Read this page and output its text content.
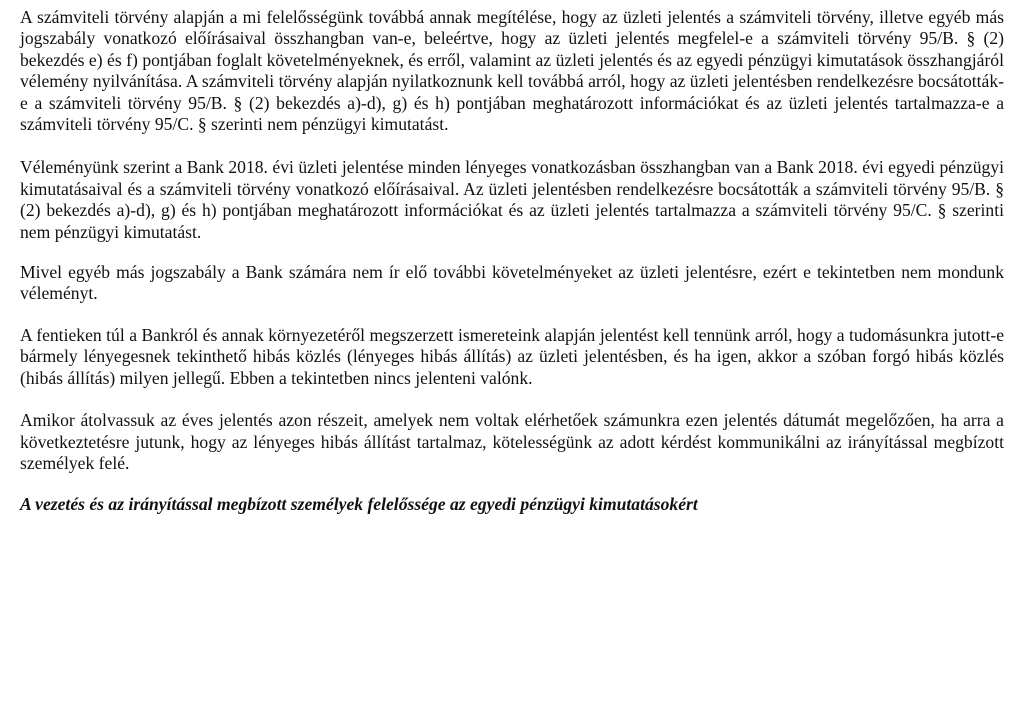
A számviteli törvény alapján a mi felelősségünk továbbá annak megítélése, hogy az üzleti jelentés a számviteli törvény, illetve egyéb más jogszabály vonatkozó előírásaival összhangban van-e, beleértve, hogy az üzleti jelentés megfelel-e a számviteli törvény 95/B. § (2) bekezdés e) és f) pontjában foglalt követelményeknek, és erről, valamint az üzleti jelentés és az egyedi pénzügyi kimutatások összhangjáról vélemény nyilvánítása. A számviteli törvény alapján nyilatkoznunk kell továbbá arról, hogy az üzleti jelentésben rendelkezésre bocsátották-e a számviteli törvény 95/B. § (2) bekezdés a)-d), g) és h) pontjában meghatározott információkat és az üzleti jelentés tartalmazza-e a számviteli törvény 95/C. § szerinti nem pénzügyi kimutatást.

Véleményünk szerint a Bank 2018. évi üzleti jelentése minden lényeges vonatkozásban összhangban van a Bank 2018. évi egyedi pénzügyi kimutatásaival és a számviteli törvény vonatkozó előírásaival. Az üzleti jelentésben rendelkezésre bocsátották a számviteli törvény 95/B. § (2) bekezdés a)-d), g) és h) pontjában meghatározott információkat és az üzleti jelentés tartalmazza a számviteli törvény 95/C. § szerinti nem pénzügyi kimutatást.

Mivel egyéb más jogszabály a Bank számára nem ír elő további követelményeket az üzleti jelentésre, ezért e tekintetben nem mondunk véleményt.

A fentieken túl a Bankról és annak környezetéről megszerzett ismereteink alapján jelentést kell tennünk arról, hogy a tudomásunkra jutott-e bármely lényegesnek tekinthető hibás közlés (lényeges hibás állítás) az üzleti jelentésben, és ha igen, akkor a szóban forgó hibás közlés (hibás állítás) milyen jellegű. Ebben a tekintetben nincs jelenteni valónk.

Amikor átolvassuk az éves jelentés azon részeit, amelyek nem voltak elérhetőek számunkra ezen jelentés dátumát megelőzően, ha arra a következtetésre jutunk, hogy az lényeges hibás állítást tartalmaz, kötelességünk az adott kérdést kommunikálni az irányítással megbízott személyek felé.

A vezetés és az irányítással megbízott személyek felelőssége az egyedi pénzügyi kimutatásokért
